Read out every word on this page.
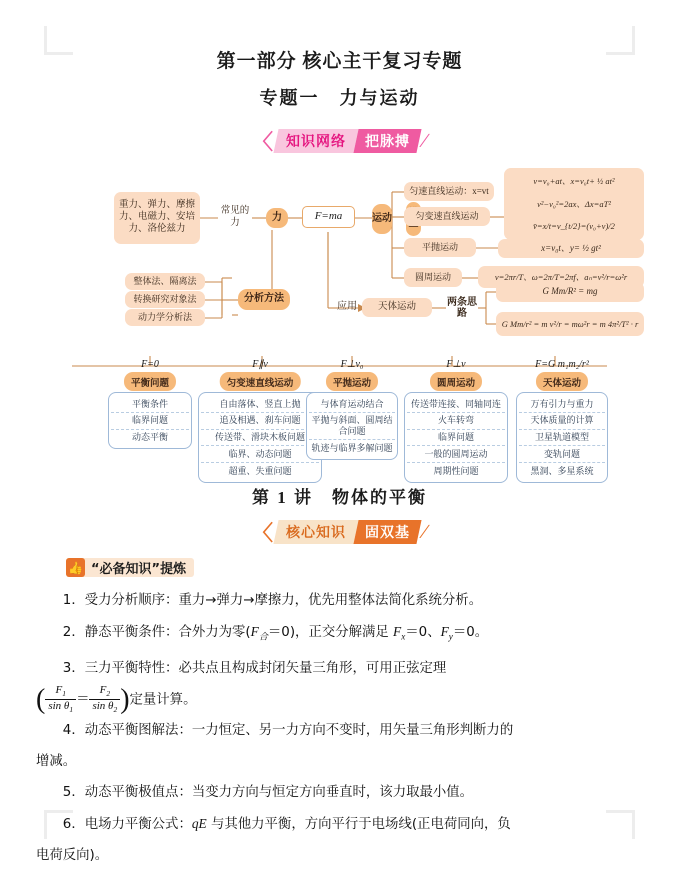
第一部分 核心主干复习专题
专题一　力与运动
〈 知识网络 把脉搏 ∕
重力、弹力、摩擦力、电磁力、安培力、洛伦兹力
常见的力
力	F=ma	运动
应用
分析方法
整体法、隔离法
转换研究对象法
动力学分析法
匀速直线运动：x=vt
匀变速直线运动
平抛运动
圆周运动
v=v₀+at、x=v₀t+ ½ at²
v²−v₀²=2ax、Δx=aT²
v̄=x/t=v_{t/2}=(v₀+v)/2
x=v₀t、y= ½ gt²
v=2πr/T、ω=2π/T=2πf、aₙ=v²/r=ω²r
天体运动	两条思路
G Mm/R² = mg
G Mm/r² = m v²/r = mω²r = m 4π²/T² · r
F=0
平衡问题
平衡条件
临界问题
动态平衡
F∥v
匀变速直线运动
自由落体、竖直上抛
追及相遇、刹车问题
传送带、滑块木板问题
临界、动态问题
超重、失重问题
F⊥v₀
平抛运动
与体育运动结合
平抛与斜面、圆周结合问题
轨迹与临界多解问题
F⊥v
圆周运动
传送带连接、同轴同连
火车转弯
临界问题
一般的圆周运动
周期性问题
F=G m₁m₂/r²
天体运动
万有引力与重力
天体质量的计算
卫星轨道模型
变轨问题
黑洞、多星系统
第 1 讲　物体的平衡
〈 核心知识 固双基 ∕
👍 “必备知识”提炼

1．受力分析顺序：重力→弹力→摩擦力，优先用整体法简化系统分析。

2．静态平衡条件：合外力为零$(F_合=0)$，正交分解满足 $F_x=0$、$F_y=0$。

3．三力平衡特性：必共点且构成封闭矢量三角形，可用正弦定理

( $\frac{F_1}{\sin \theta_1} = \frac{F_2}{\sin \theta_2}$ ) 定量计算。

4．动态平衡图解法：一力恒定、另一力方向不变时，用矢量三角形判断力的

增减。

5．动态平衡极值点：当变力方向与恒定方向垂直时，该力取最小值。

6．电场力平衡公式：qE 与其他力平衡，方向平行于电场线(正电荷同向，负

电荷反向)。
